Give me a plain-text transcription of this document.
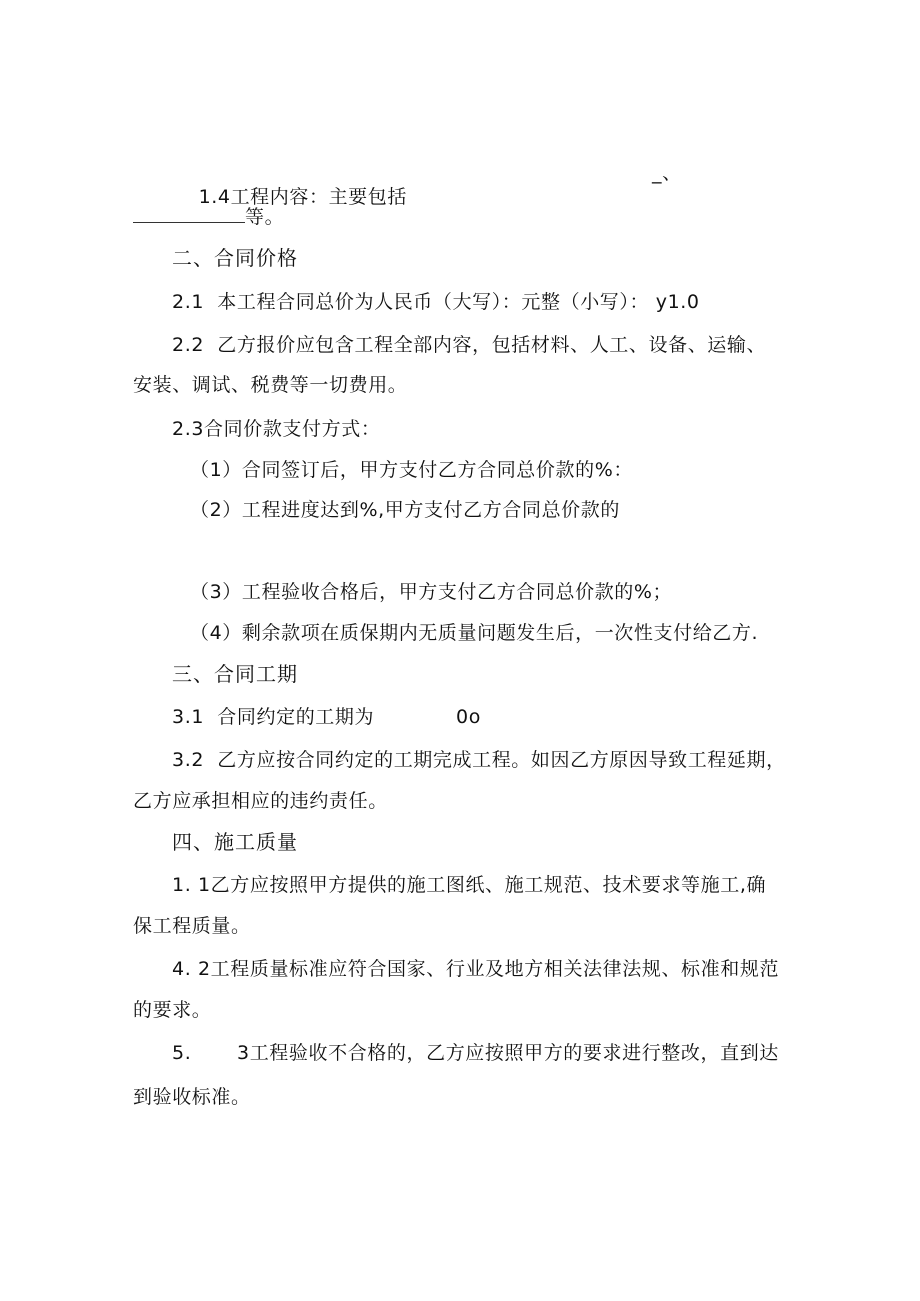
1.4工程内容：主要包括

_、
等。
二、合同价格
2.1  本工程合同总价为人民币（大写）：元整（小写）： y1.0
2.2  乙方报价应包含工程全部内容，包括材料、人工、设备、运输、
安装、调试、税费等一切费用。
2.3合同价款支付方式：
（1）合同签订后，甲方支付乙方合同总价款的%：
（2）工程进度达到%,甲方支付乙方合同总价款的
（3）工程验收合格后，甲方支付乙方合同总价款的%；
（4）剩余款项在质保期内无质量问题发生后，一次性支付给乙方.
三、合同工期
3.1  合同约定的工期为	0o
3.2  乙方应按合同约定的工期完成工程。如因乙方原因导致工程延期，
乙方应承担相应的违约责任。
四、施工质量
1. 1乙方应按照甲方提供的施工图纸、施工规范、技术要求等施工,确
保工程质量。
4. 2工程质量标准应符合国家、行业及地方相关法律法规、标准和规范
的要求。
5. 3工程验收不合格的，乙方应按照甲方的要求进行整改，直到达
到验收标准。
